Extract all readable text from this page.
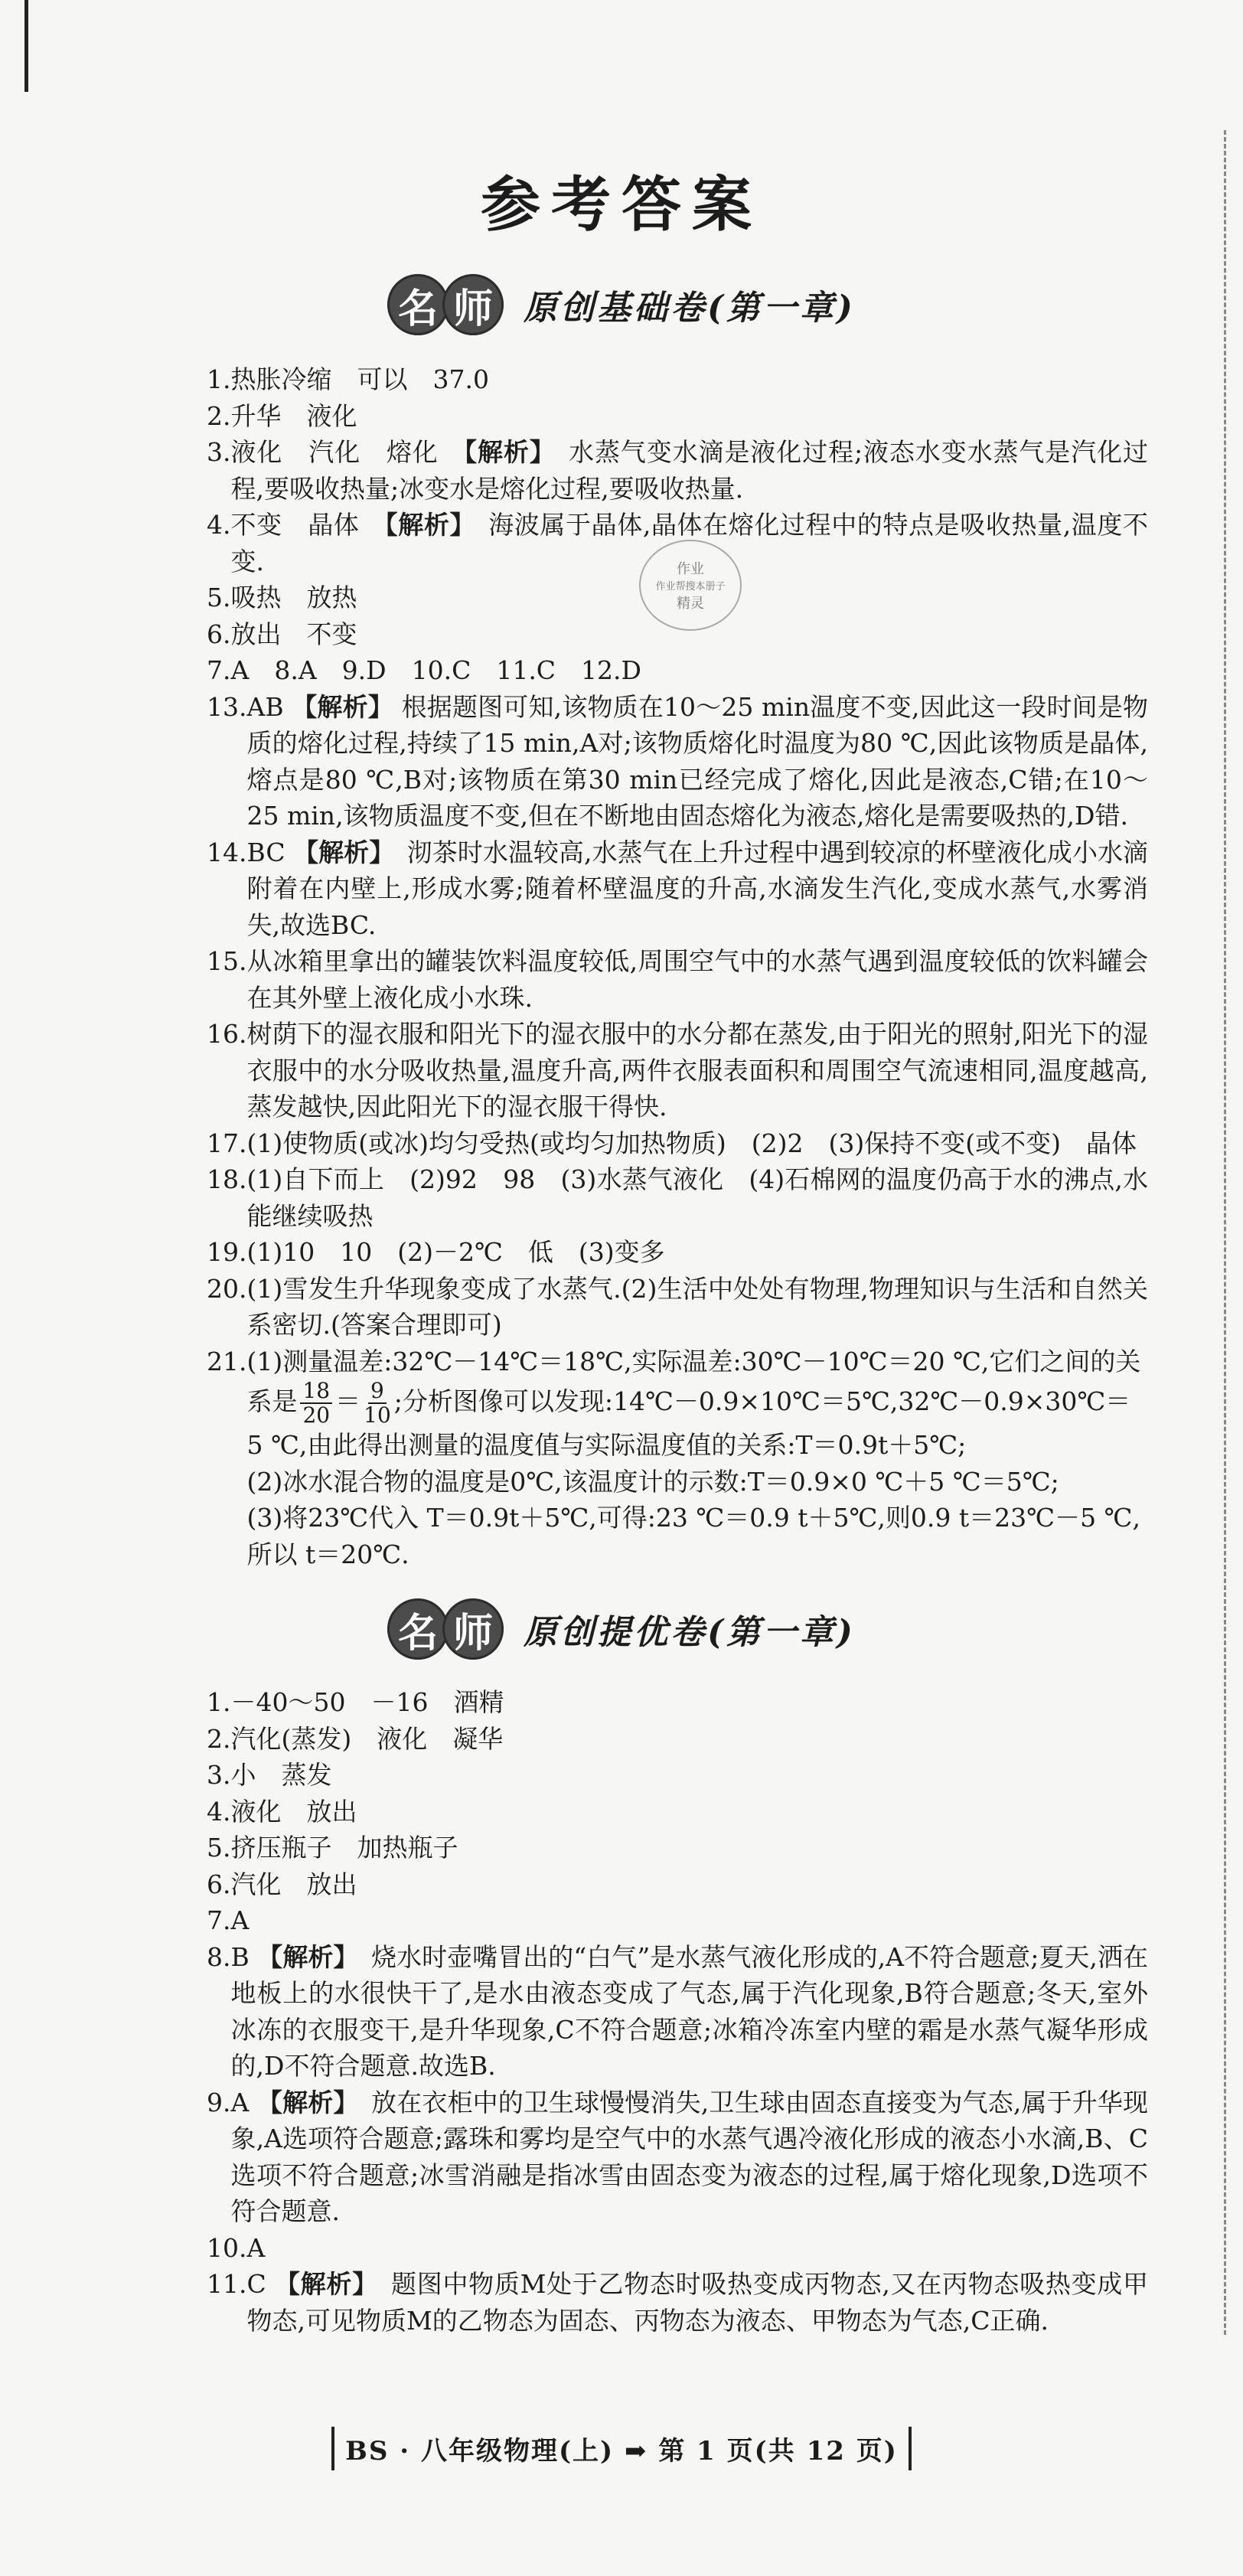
参考答案
名 师 原创基础卷(第一章)
1. 热胀冷缩　可以　37.0
2. 升华　液化
3. 液化　汽化　熔化　【解析】　水蒸气变水滴是液化过程;液态水变水蒸气是汽化过程,要吸收热量;冰变水是熔化过程,要吸收热量.
4. 不变　晶体　【解析】　海波属于晶体,晶体在熔化过程中的特点是吸收热量,温度不变.
5. 吸热　放热
6. 放出　不变
7. A　8.A　9.D　10.C　11.C　12.D
13. AB 【解析】 根据题图可知,该物质在10～25 min温度不变,因此这一段时间是物质的熔化过程,持续了15 min,A对;该物质熔化时温度为80 ℃,因此该物质是晶体,熔点是80 ℃,B对;该物质在第30 min已经完成了熔化,因此是液态,C错;在10～25 min,该物质温度不变,但在不断地由固态熔化为液态,熔化是需要吸热的,D错.
14. BC 【解析】　沏茶时水温较高,水蒸气在上升过程中遇到较凉的杯壁液化成小水滴附着在内壁上,形成水雾;随着杯壁温度的升高,水滴发生汽化,变成水蒸气,水雾消失,故选BC.
15. 从冰箱里拿出的罐装饮料温度较低,周围空气中的水蒸气遇到温度较低的饮料罐会在其外壁上液化成小水珠.
16. 树荫下的湿衣服和阳光下的湿衣服中的水分都在蒸发,由于阳光的照射,阳光下的湿衣服中的水分吸收热量,温度升高,两件衣服表面积和周围空气流速相同,温度越高,蒸发越快,因此阳光下的湿衣服干得快.
17. (1)使物质(或冰)均匀受热(或均匀加热物质)　(2)2　(3)保持不变(或不变)　晶体
18. (1)自下而上　(2)92　98　(3)水蒸气液化　(4)石棉网的温度仍高于水的沸点,水能继续吸热
19. (1)10　10　(2)－2℃　低　(3)变多
20. (1)雪发生升华现象变成了水蒸气.(2)生活中处处有物理,物理知识与生活和自然关系密切.(答案合理即可)
21. (1)测量温差:32℃－14℃＝18℃,实际温差:30℃－10℃＝20 ℃,它们之间的关
系是 $\frac{18}{20} = \frac{9}{10}$ ;分析图像可以发现:14℃－0.9×10℃＝5℃,32℃－0.9×30℃＝
5 ℃,由此得出测量的温度值与实际温度值的关系:T＝0.9t＋5℃;
(2)冰水混合物的温度是0℃,该温度计的示数:T＝0.9×0 ℃＋5 ℃＝5℃;
(3)将23℃代入 T＝0.9t＋5℃,可得:23 ℃＝0.9 t＋5℃,则0.9 t＝23℃－5 ℃,
所以 t＝20℃.
作业
作业帮搜本册子
精灵
名 师 原创提优卷(第一章)
1. －40～50　－16　酒精
2. 汽化(蒸发)　液化　凝华
3. 小　蒸发
4. 液化　放出
5. 挤压瓶子　加热瓶子
6. 汽化　放出
7. A
8. B 【解析】　烧水时壶嘴冒出的“白气”是水蒸气液化形成的,A不符合题意;夏天,洒在地板上的水很快干了,是水由液态变成了气态,属于汽化现象,B符合题意;冬天,室外冰冻的衣服变干,是升华现象,C不符合题意;冰箱冷冻室内壁的霜是水蒸气凝华形成的,D不符合题意.故选B.
9. A 【解析】　放在衣柜中的卫生球慢慢消失,卫生球由固态直接变为气态,属于升华现象,A选项符合题意;露珠和雾均是空气中的水蒸气遇冷液化形成的液态小水滴,B、C选项不符合题意;冰雪消融是指冰雪由固态变为液态的过程,属于熔化现象,D选项不符合题意.
10. A
11. C 【解析】　题图中物质M处于乙物态时吸热变成丙物态,又在丙物态吸热变成甲物态,可见物质M的乙物态为固态、丙物态为液态、甲物态为气态,C正确.
BS · 八年级物理(上) ➡ 第 1 页(共 12 页)
